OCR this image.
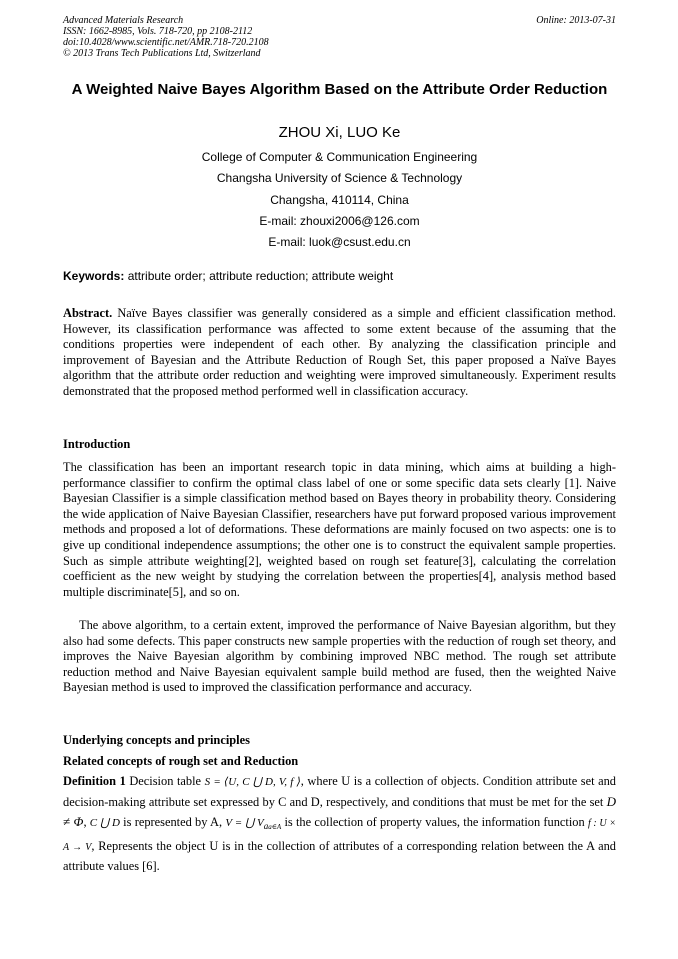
Advanced Materials Research
ISSN: 1662-8985, Vols. 718-720, pp 2108-2112
doi:10.4028/www.scientific.net/AMR.718-720.2108
© 2013 Trans Tech Publications Ltd, Switzerland
Online: 2013-07-31
A Weighted Naive Bayes Algorithm Based on the Attribute Order Reduction
ZHOU Xi, LUO Ke
College of Computer & Communication Engineering
Changsha University of Science & Technology
Changsha, 410114, China
E-mail: zhouxi2006@126.com
E-mail: luok@csust.edu.cn
Keywords: attribute order; attribute reduction; attribute weight
Abstract. Naïve Bayes classifier was generally considered as a simple and efficient classification method. However, its classification performance was affected to some extent because of the assuming that the conditions properties were independent of each other. By analyzing the classification principle and improvement of Bayesian and the Attribute Reduction of Rough Set, this paper proposed a Naïve Bayes algorithm that the attribute order reduction and weighting were improved simultaneously. Experiment results demonstrated that the proposed method performed well in classification accuracy.
Introduction
The classification has been an important research topic in data mining, which aims at building a high-performance classifier to confirm the optimal class label of one or some specific data sets clearly [1]. Naive Bayesian Classifier is a simple classification method based on Bayes theory in probability theory. Considering the wide application of Naive Bayesian Classifier, researchers have put forward proposed various improvement methods and proposed a lot of deformations. These deformations are mainly focused on two aspects: one is to give up conditional independence assumptions; the other one is to construct the equivalent sample properties. Such as simple attribute weighting[2], weighted based on rough set feature[3], calculating the correlation coefficient as the new weight by studying the correlation between the properties[4], analysis method based multiple discriminate[5], and so on.
The above algorithm, to a certain extent, improved the performance of Naive Bayesian algorithm, but they also had some defects. This paper constructs new sample properties with the reduction of rough set theory, and improves the Naive Bayesian algorithm by combining improved NBC method. The rough set attribute reduction method and Naive Bayesian equivalent sample build method are fused, then the weighted Naive Bayesian method is used to improved the classification performance and accuracy.
Underlying concepts and principles
Related concepts of rough set and Reduction
Definition 1 Decision table S = ⟨U, C ⋃ D, V, f ⟩, where U is a collection of objects. Condition attribute set and decision-making attribute set expressed by C and D, respectively, and conditions that must be met for the set D ≠ Φ, C ⋃ D is represented by A, V = ⋃ $V_{aa\in A}$ is the collection of property values, the information function f : U × A → V, Represents the object U is in the collection of attributes of a corresponding relation between the A and attribute values [6].
